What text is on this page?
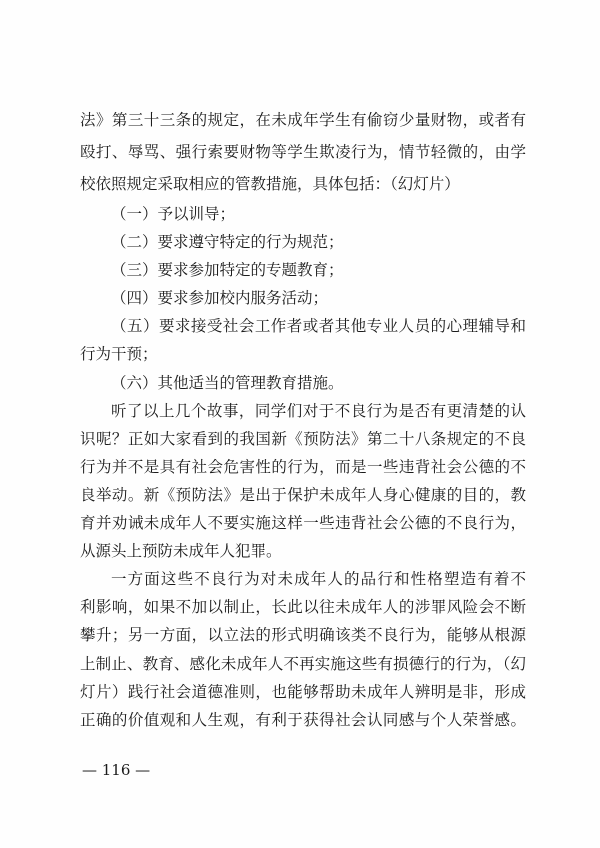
法》第三十三条的规定，在未成年学生有偷窃少量财物，或者有
殴打、辱骂、强行索要财物等学生欺凌行为，情节轻微的，由学
校依照规定采取相应的管教措施，具体包括：（幻灯片）
（一）予以训导；
（二）要求遵守特定的行为规范；
（三）要求参加特定的专题教育；
（四）要求参加校内服务活动；
（五）要求接受社会工作者或者其他专业人员的心理辅导和
行为干预；
（六）其他适当的管理教育措施。
听了以上几个故事，同学们对于不良行为是否有更清楚的认
识呢？正如大家看到的我国新《预防法》第二十八条规定的不良
行为并不是具有社会危害性的行为，而是一些违背社会公德的不
良举动。新《预防法》是出于保护未成年人身心健康的目的，教
育并劝诫未成年人不要实施这样一些违背社会公德的不良行为，
从源头上预防未成年人犯罪。
一方面这些不良行为对未成年人的品行和性格塑造有着不
利影响，如果不加以制止，长此以往未成年人的涉罪风险会不断
攀升；另一方面，以立法的形式明确该类不良行为，能够从根源
上制止、教育、感化未成年人不再实施这些有损德行的行为，（幻
灯片）践行社会道德准则，也能够帮助未成年人辨明是非，形成
正确的价值观和人生观，有利于获得社会认同感与个人荣誉感。
— 116 —
